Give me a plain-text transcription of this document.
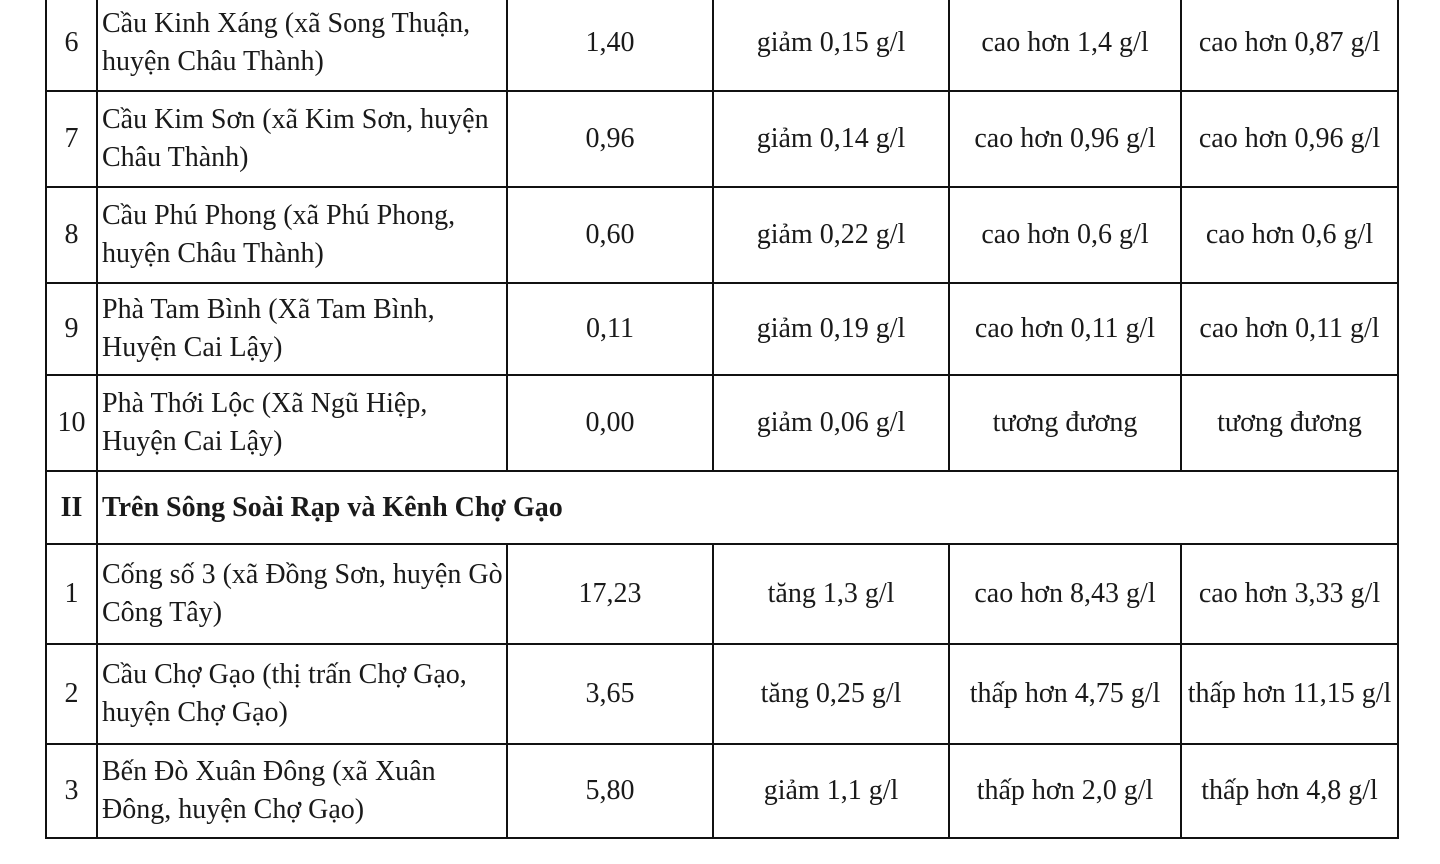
6	Cầu Kinh Xáng (xã Song Thuận, huyện Châu Thành)	1,40	giảm 0,15 g/l	cao hơn 1,4 g/l	cao hơn 0,87 g/l
7	Cầu Kim Sơn (xã Kim Sơn, huyện Châu Thành)	0,96	giảm 0,14 g/l	cao hơn 0,96 g/l	cao hơn 0,96 g/l
8	Cầu Phú Phong (xã Phú Phong, huyện Châu Thành)	0,60	giảm 0,22 g/l	cao hơn 0,6 g/l	cao hơn 0,6 g/l
9	Phà Tam Bình (Xã Tam Bình, Huyện Cai Lậy)	0,11	giảm 0,19 g/l	cao hơn 0,11 g/l	cao hơn 0,11 g/l
10	Phà Thới Lộc (Xã Ngũ Hiệp, Huyện Cai Lậy)	0,00	giảm 0,06 g/l	tương đương	tương đương
II	Trên Sông Soài Rạp và Kênh Chợ Gạo				
1	Cống số 3 (xã Đồng Sơn, huyện Gò Công Tây)	17,23	tăng 1,3 g/l	cao hơn 8,43 g/l	cao hơn 3,33 g/l
2	Cầu Chợ Gạo (thị trấn Chợ Gạo, huyện Chợ Gạo)	3,65	tăng 0,25 g/l	thấp hơn 4,75 g/l	thấp hơn 11,15 g/l
3	Bến Đò Xuân Đông (xã Xuân Đông, huyện Chợ Gạo)	5,80	giảm 1,1 g/l	thấp hơn 2,0 g/l	thấp hơn 4,8 g/l
